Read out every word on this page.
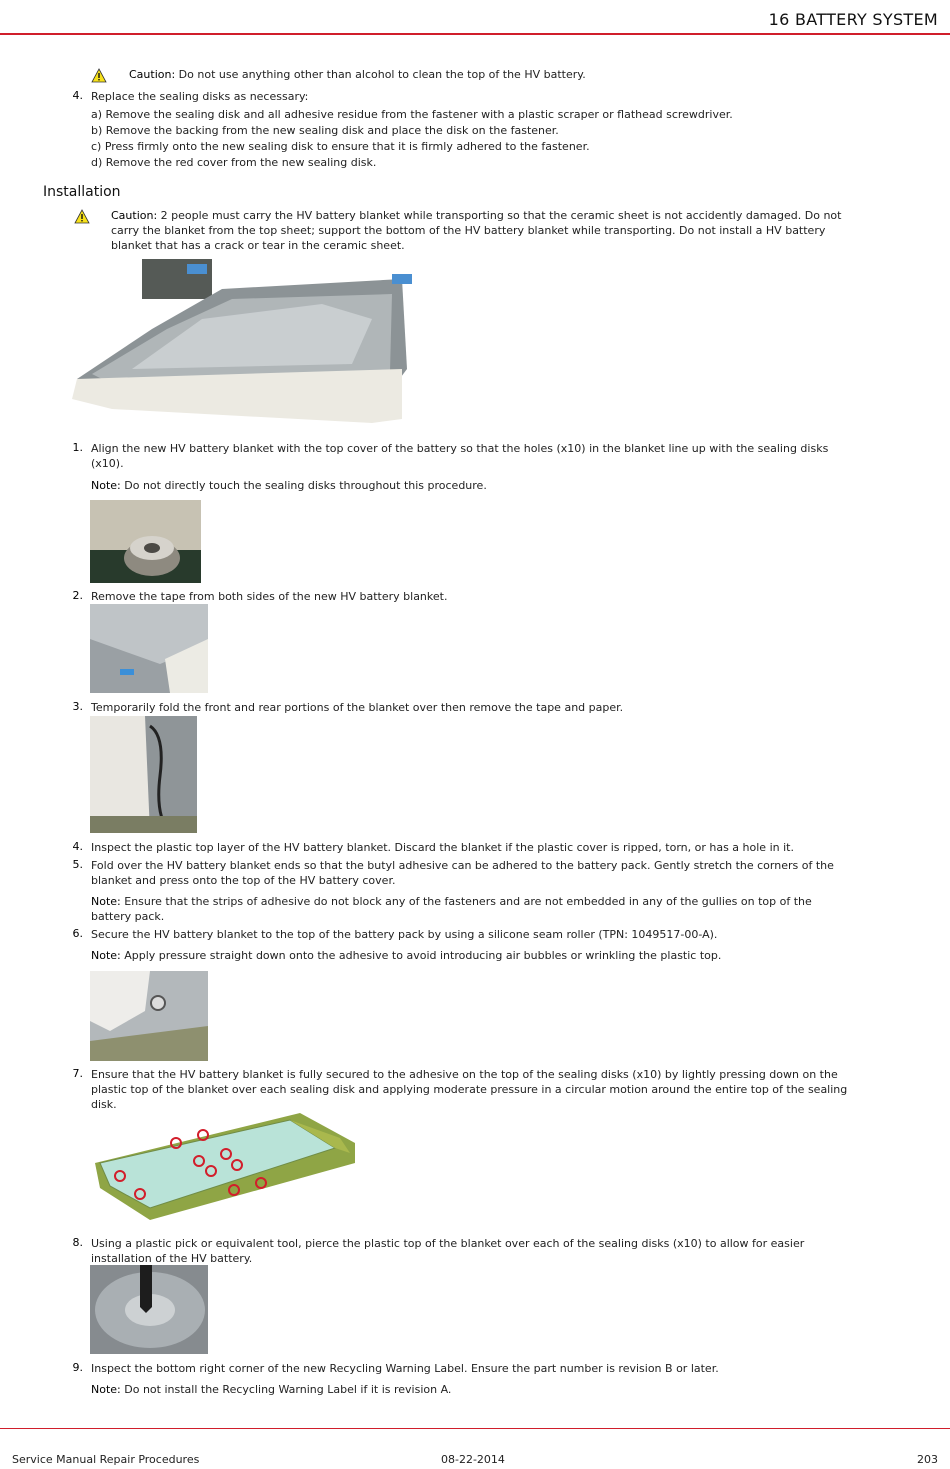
16 BATTERY SYSTEM
Caution: Do not use anything other than alcohol to clean the top of the HV battery.
4. Replace the sealing disks as necessary:
a) Remove the sealing disk and all adhesive residue from the fastener with a plastic scraper or flathead screwdriver.
b) Remove the backing from the new sealing disk and place the disk on the fastener.
c) Press firmly onto the new sealing disk to ensure that it is firmly adhered to the fastener.
d) Remove the red cover from the new sealing disk.
Installation
Caution: 2 people must carry the HV battery blanket while transporting so that the ceramic sheet is not accidently damaged. Do not
carry the blanket from the top sheet; support the bottom of the HV battery blanket while transporting. Do not install a HV battery
blanket that has a crack or tear in the ceramic sheet.
1. Align the new HV battery blanket with the top cover of the battery so that the holes (x10) in the blanket line up with the sealing disks
(x10).
Note: Do not directly touch the sealing disks throughout this procedure.
2. Remove the tape from both sides of the new HV battery blanket.
3. Temporarily fold the front and rear portions of the blanket over then remove the tape and paper.
4. Inspect the plastic top layer of the HV battery blanket. Discard the blanket if the plastic cover is ripped, torn, or has a hole in it.
5. Fold over the HV battery blanket ends so that the butyl adhesive can be adhered to the battery pack. Gently stretch the corners of the
blanket and press onto the top of the HV battery cover.
Note: Ensure that the strips of adhesive do not block any of the fasteners and are not embedded in any of the gullies on top of the
battery pack.
6. Secure the HV battery blanket to the top of the battery pack by using a silicone seam roller (TPN: 1049517-00-A).
Note: Apply pressure straight down onto the adhesive to avoid introducing air bubbles or wrinkling the plastic top.
7. Ensure that the HV battery blanket is fully secured to the adhesive on the top of the sealing disks (x10) by lightly pressing down on the
plastic top of the blanket over each sealing disk and applying moderate pressure in a circular motion around the entire top of the sealing
disk.
8. Using a plastic pick or equivalent tool, pierce the plastic top of the blanket over each of the sealing disks (x10) to allow for easier
installation of the HV battery.
9. Inspect the bottom right corner of the new Recycling Warning Label. Ensure the part number is revision B or later.
Note: Do not install the Recycling Warning Label if it is revision A.
Service Manual Repair Procedures	08-22-2014	203
